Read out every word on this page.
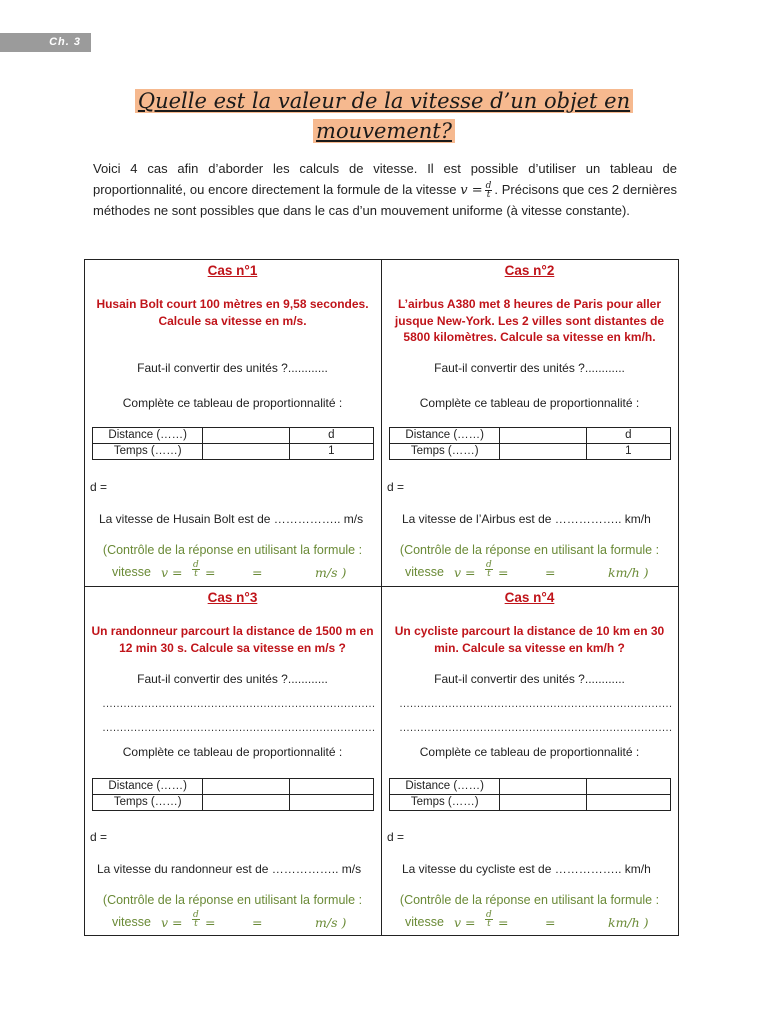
Ch. 3
Quelle est la valeur de la vitesse d’un objet en
mouvement?
Voici 4 cas afin d’aborder les calculs de vitesse. Il est possible d’utiliser un tableau de proportionnalité, ou encore directement la formule de la vitesse $v = \frac{d}{t}$ . Précisons que ces 2 dernières méthodes ne sont possibles que dans le cas d’un mouvement uniforme (à vitesse constante).
Cas n°1
Husain Bolt court 100 mètres en 9,58 secondes. Calcule sa vitesse en m/s.
Faut-il convertir des unités ?............
Complète ce tableau de proportionnalité :
Distance (……)		d
Temps (……)		1
d =
La vitesse de Husain Bolt est de …………….. m/s
(Contrôle de la réponse en utilisant la formule :
vitesse $v = \frac{d}{t}$ =	=	m/s )
Cas n°2
L’airbus A380 met 8 heures de Paris pour aller jusque New-York. Les 2 villes sont distantes de 5800 kilomètres. Calcule sa vitesse en km/h.
Faut-il convertir des unités ?............
Complète ce tableau de proportionnalité :
Distance (……)		d
Temps (……)		1
d =
La vitesse de l’Airbus est de …………….. km/h
(Contrôle de la réponse en utilisant la formule :
vitesse $v = \frac{d}{t}$ =	=	km/h )
Cas n°3
Un randonneur parcourt la distance de 1500 m en 12 min 30 s. Calcule sa vitesse en m/s ?
Faut-il convertir des unités ?............
……………………………………………………………………
……………………………………………………………………
Complète ce tableau de proportionnalité :
Distance (……)		
Temps (……)		
d =
La vitesse du randonneur est de …………….. m/s
(Contrôle de la réponse en utilisant la formule :
vitesse $v = \frac{d}{t}$ =	=	m/s )
Cas n°4
Un cycliste parcourt la distance de 10 km en 30 min. Calcule sa vitesse en km/h ?
Faut-il convertir des unités ?............
……………………………………………………………………
……………………………………………………………………
Complète ce tableau de proportionnalité :
Distance (……)		
Temps (……)		
d =
La vitesse du cycliste est de …………….. km/h
(Contrôle de la réponse en utilisant la formule :
vitesse $v = \frac{d}{t}$ =	=	km/h )
